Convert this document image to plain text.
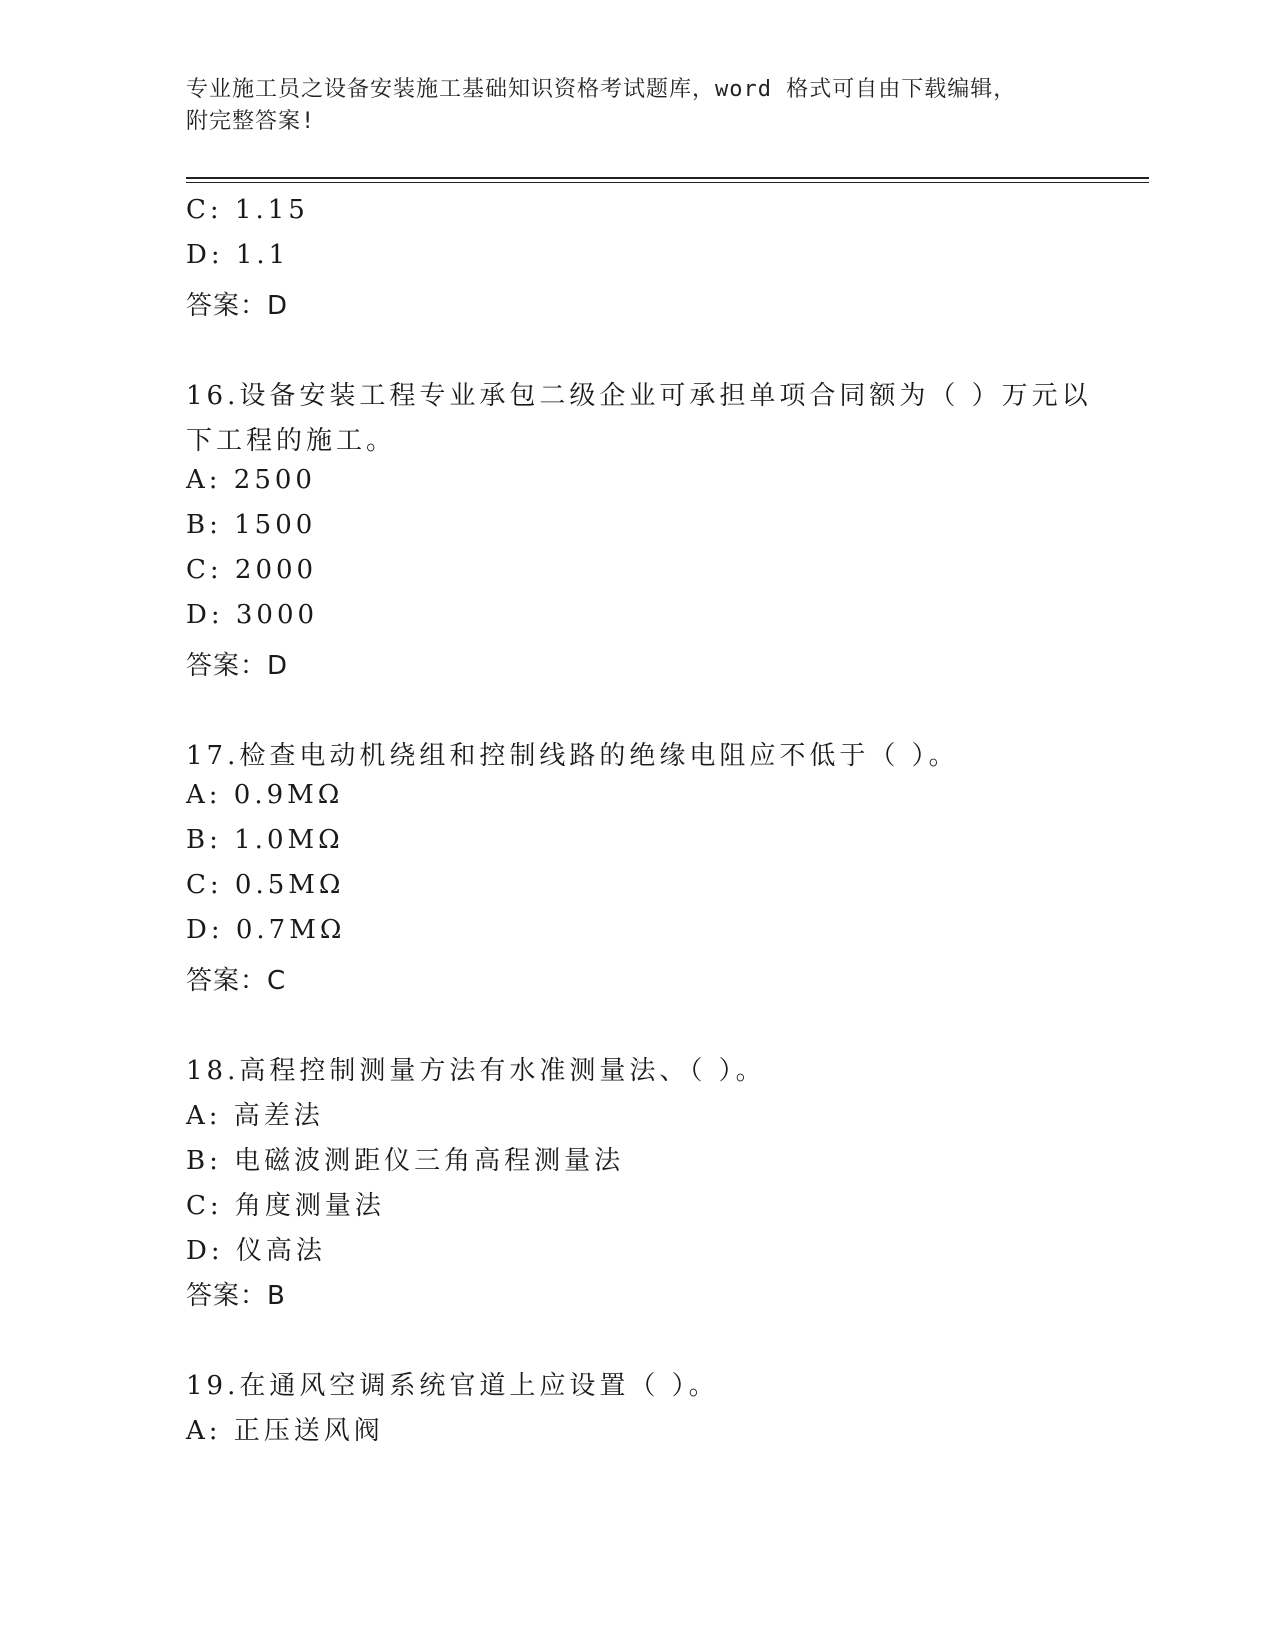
专业施工员之设备安装施工基础知识资格考试题库，word 格式可自由下载编辑，
附完整答案!
C: 1.15
D: 1.1
答案：D
16.设备安装工程专业承包二级企业可承担单项合同额为（ ）万元以
下工程的施工。
A: 2500
B: 1500
C: 2000
D: 3000
答案：D
17.检查电动机绕组和控制线路的绝缘电阻应不低于（ ）。
A: 0.9MΩ
B: 1.0MΩ
C: 0.5MΩ
D: 0.7MΩ
答案：C
18.高程控制测量方法有水准测量法、（ ）。
A: 高差法
B: 电磁波测距仪三角高程测量法
C: 角度测量法
D: 仪高法
答案：B
19.在通风空调系统官道上应设置（ ）。
A: 正压送风阀
